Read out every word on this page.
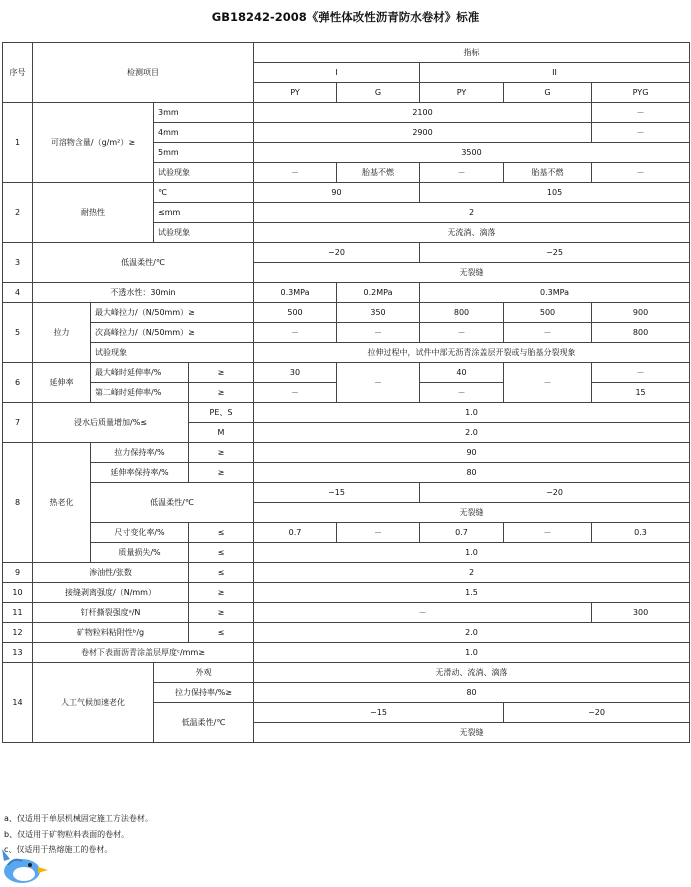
GB18242-2008《弹性体改性沥青防水卷材》标准
序号	检测项目				指标				
					I		II		
					PY	G	PY	G	PYG
1	可溶物含量/（g/m²）≥		3mm		2100				－
			4mm		2900				－
			5mm		3500				
			试验现象		－	胎基不燃	－	胎基不燃	－
2	耐热性		℃		90		105		
			≤mm		2				
			试验现象		无流淌、滴落				
3	低温柔性/℃				−20		−25		
					无裂缝				
4	不透水性：30min				0.3MPa	0.2MPa	0.3MPa		
5	拉力	最大峰拉力/（N/50mm）≥			500	350	800	500	900
		次高峰拉力/（N/50mm）≥			－	－	－	－	800
		试验现象			拉伸过程中，试件中部无沥青涂盖层开裂或与胎基分裂现象				
6	延伸率	最大峰时延伸率/%		≥	30	－	40	－	－
		第二峰时延伸率/%		≥	－		－		15
7	浸水后质量增加/%≤			PE、S	1.0				
				M	2.0				
8	热老化	拉力保持率/%		≥	90				
		延伸率保持率/%		≥	80				
		低温柔性/℃			−15		−20		
					无裂缝				
		尺寸变化率/%		≤	0.7	－	0.7	－	0.3
		质量损失/%		≤	1.0				
9	渗油性/张数			≤	2				
10	接缝剥离强度/（N/mm）			≥	1.5				
11	钉杆撕裂强度ᵃ/N			≥	－				300
12	矿物粒料粘附性ᵇ/g			≤	2.0				
13	卷材下表面沥青涂盖层厚度ᶜ/mm≥				1.0				
14	人工气候加速老化		外观		无滑动、流淌、滴落				
			拉力保持率/%≥		80				
			低温柔性/℃		−15			−20	
					无裂缝				
a、仅适用于单层机械固定施工方法卷材。
b、仅适用于矿物粒料表面的卷材。
c、仅适用于热熔施工的卷材。
